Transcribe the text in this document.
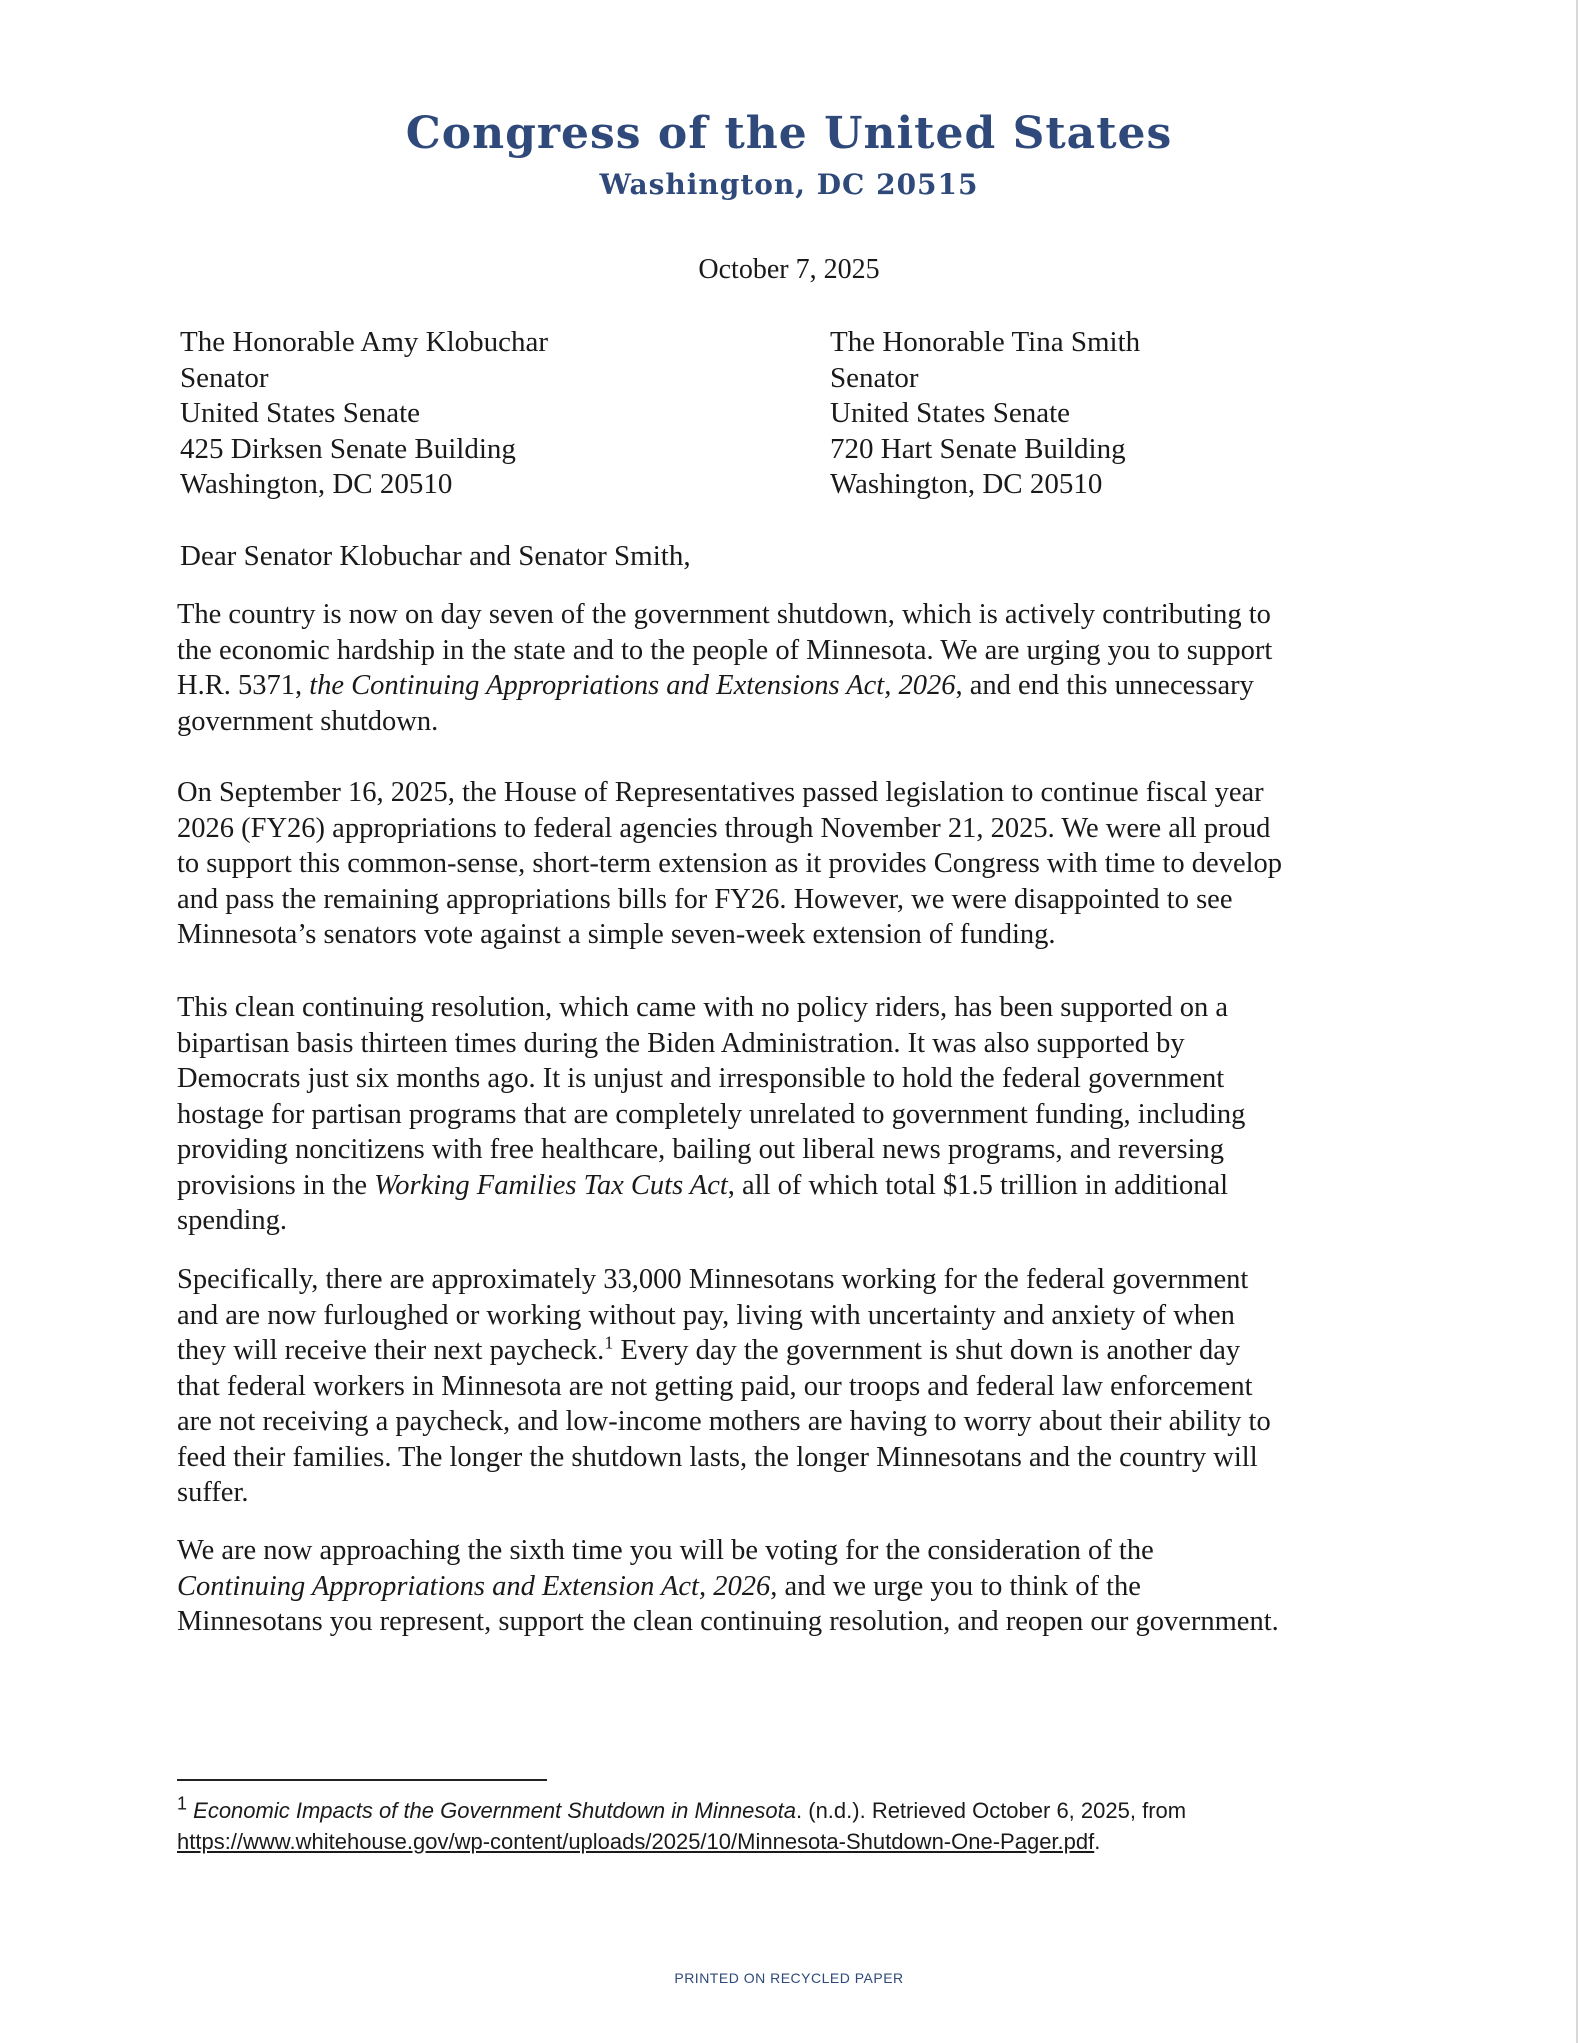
Congress of the United States
Washington, DC 20515
October 7, 2025
The Honorable Amy Klobuchar
Senator
United States Senate
425 Dirksen Senate Building
Washington, DC 20510
The Honorable Tina Smith
Senator
United States Senate
720 Hart Senate Building
Washington, DC 20510
Dear Senator Klobuchar and Senator Smith,
The country is now on day seven of the government shutdown, which is actively contributing to
the economic hardship in the state and to the people of Minnesota. We are urging you to support
H.R. 5371, the Continuing Appropriations and Extensions Act, 2026, and end this unnecessary
government shutdown.
On September 16, 2025, the House of Representatives passed legislation to continue fiscal year
2026 (FY26) appropriations to federal agencies through November 21, 2025. We were all proud
to support this common-sense, short-term extension as it provides Congress with time to develop
and pass the remaining appropriations bills for FY26. However, we were disappointed to see
Minnesota’s senators vote against a simple seven-week extension of funding.
This clean continuing resolution, which came with no policy riders, has been supported on a
bipartisan basis thirteen times during the Biden Administration. It was also supported by
Democrats just six months ago. It is unjust and irresponsible to hold the federal government
hostage for partisan programs that are completely unrelated to government funding, including
providing noncitizens with free healthcare, bailing out liberal news programs, and reversing
provisions in the Working Families Tax Cuts Act, all of which total $1.5 trillion in additional
spending.
Specifically, there are approximately 33,000 Minnesotans working for the federal government
and are now furloughed or working without pay, living with uncertainty and anxiety of when
they will receive their next paycheck.$^1$ Every day the government is shut down is another day
that federal workers in Minnesota are not getting paid, our troops and federal law enforcement
are not receiving a paycheck, and low-income mothers are having to worry about their ability to
feed their families. The longer the shutdown lasts, the longer Minnesotans and the country will
suffer.
We are now approaching the sixth time you will be voting for the consideration of the
Continuing Appropriations and Extension Act, 2026, and we urge you to think of the
Minnesotans you represent, support the clean continuing resolution, and reopen our government.
$^1$ Economic Impacts of the Government Shutdown in Minnesota. (n.d.). Retrieved October 6, 2025, from
https://www.whitehouse.gov/wp-content/uploads/2025/10/Minnesota-Shutdown-One-Pager.pdf.
PRINTED ON RECYCLED PAPER
